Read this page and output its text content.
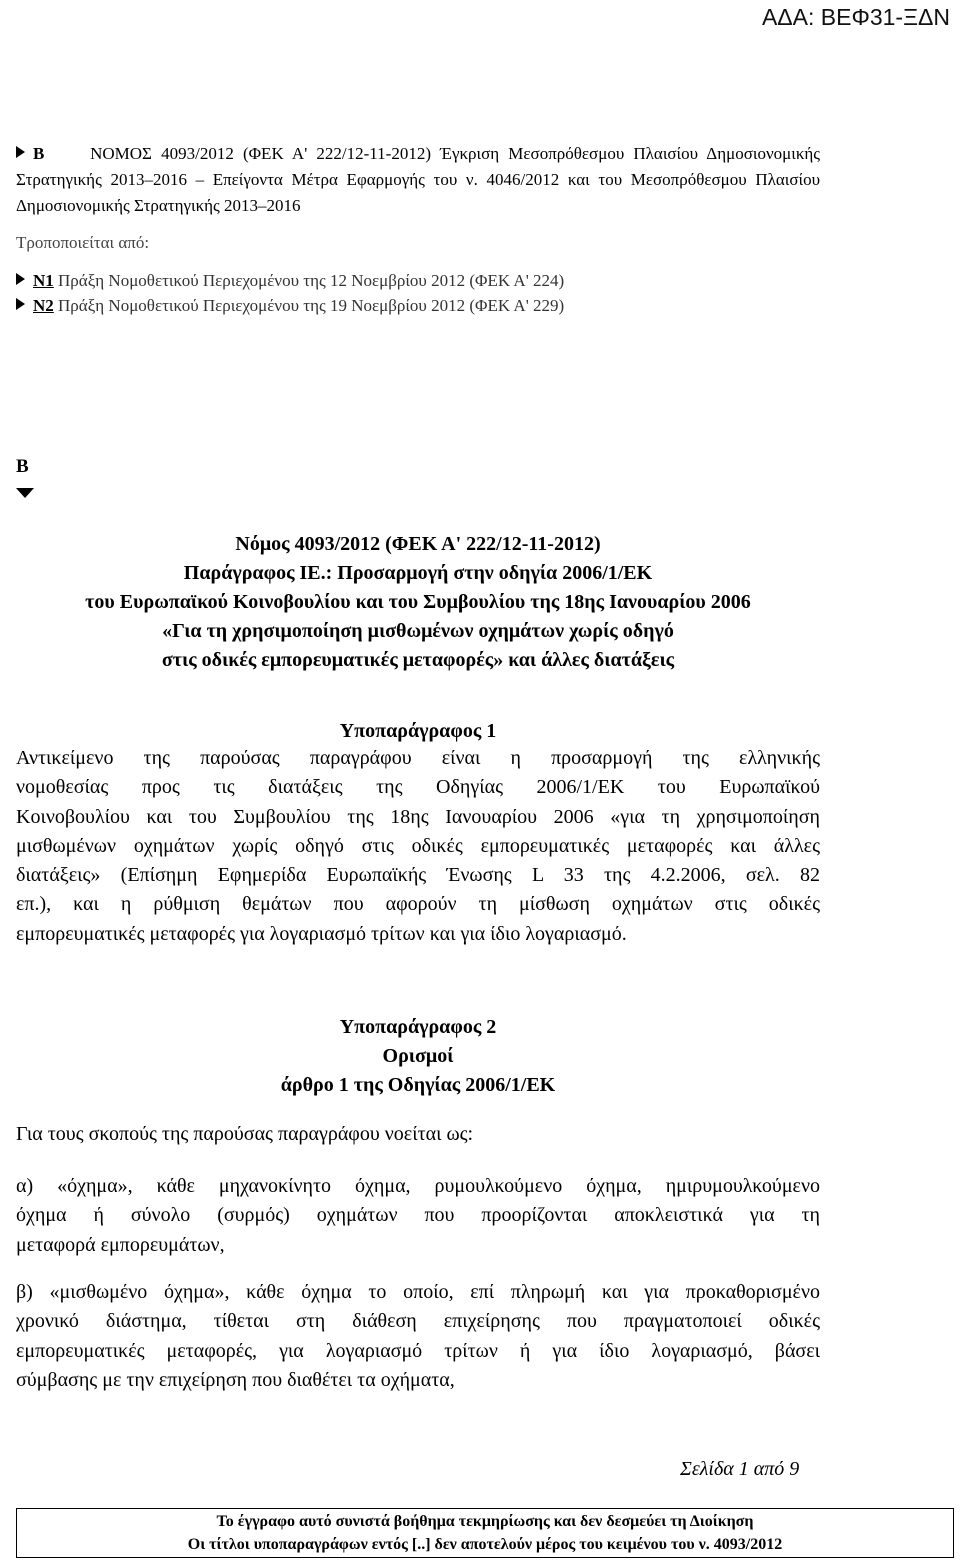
ΑΔΑ: ΒΕΦ31-ΞΔΝ
Β	ΝΟΜΟΣ 4093/2012 (ΦΕΚ Α' 222/12-11-2012) Έγκριση Μεσοπρόθεσμου Πλαισίου Δημοσιονομικής Στρατηγικής 2013–2016 – Επείγοντα Μέτρα Εφαρμογής του ν. 4046/2012 και του Μεσοπρόθεσμου Πλαισίου Δημοσιονομικής Στρατηγικής 2013–2016
Τροποποιείται από:
Ν1 Πράξη Νομοθετικού Περιεχομένου της 12 Νοεμβρίου 2012 (ΦΕΚ Α' 224)
Ν2 Πράξη Νομοθετικού Περιεχομένου της 19 Νοεμβρίου 2012 (ΦΕΚ Α' 229)
Β
Νόμος 4093/2012 (ΦΕΚ Α' 222/12-11-2012)
Παράγραφος ΙΕ.: Προσαρμογή στην οδηγία 2006/1/ΕΚ
του Ευρωπαϊκού Κοινοβουλίου και του Συμβουλίου της 18ης Ιανουαρίου 2006
«Για τη χρησιμοποίηση μισθωμένων οχημάτων χωρίς οδηγό
στις οδικές εμπορευματικές μεταφορές» και άλλες διατάξεις
Υποπαράγραφος 1
Αντικείμενο της παρούσας παραγράφου είναι η προσαρμογή της ελληνικής
νομοθεσίας προς τις διατάξεις της Οδηγίας 2006/1/ΕΚ του Ευρωπαϊκού
Κοινοβουλίου και του Συμβουλίου της 18ης Ιανουαρίου 2006 «για τη χρησιμοποίηση
μισθωμένων οχημάτων χωρίς οδηγό στις οδικές εμπορευματικές μεταφορές και άλλες
διατάξεις» (Επίσημη Εφημερίδα Ευρωπαϊκής Ένωσης L 33 της 4.2.2006, σελ. 82
επ.), και η ρύθμιση θεμάτων που αφορούν τη μίσθωση οχημάτων στις οδικές
εμπορευματικές μεταφορές για λογαριασμό τρίτων και για ίδιο λογαριασμό.
Υποπαράγραφος 2
Ορισμοί
άρθρο 1 της Οδηγίας 2006/1/ΕΚ
Για τους σκοπούς της παρούσας παραγράφου νοείται ως:
α) «όχημα», κάθε μηχανοκίνητο όχημα, ρυμουλκούμενο όχημα, ημιρυμουλκούμενο
όχημα ή σύνολο (συρμός) οχημάτων που προορίζονται αποκλειστικά για τη
μεταφορά εμπορευμάτων,
β) «μισθωμένο όχημα», κάθε όχημα το οποίο, επί πληρωμή και για προκαθορισμένο
χρονικό διάστημα, τίθεται στη διάθεση επιχείρησης που πραγματοποιεί οδικές
εμπορευματικές μεταφορές, για λογαριασμό τρίτων ή για ίδιο λογαριασμό, βάσει
σύμβασης με την επιχείρηση που διαθέτει τα οχήματα,
Σελίδα 1 από 9
Το έγγραφο αυτό συνιστά βοήθημα τεκμηρίωσης και δεν δεσμεύει τη Διοίκηση
Οι τίτλοι υποπαραγράφων εντός [..] δεν αποτελούν μέρος του κειμένου του ν. 4093/2012
